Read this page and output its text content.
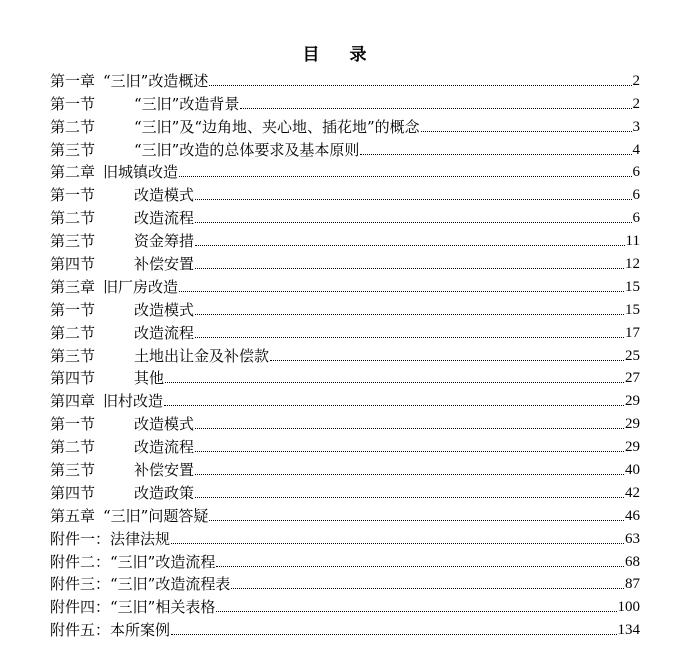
目 录
第一章 “三旧”改造概述	2
第一节	“三旧”改造背景	2
第二节	“三旧”及“边角地、夹心地、插花地”的概念	3
第三节	“三旧”改造的总体要求及基本原则	4
第二章 旧城镇改造	6
第一节	改造模式	6
第二节	改造流程	6
第三节	资金筹措	11
第四节	补偿安置	12
第三章 旧厂房改造	15
第一节	改造模式	15
第二节	改造流程	17
第三节	土地出让金及补偿款	25
第四节	其他	27
第四章 旧村改造	29
第一节	改造模式	29
第二节	改造流程	29
第三节	补偿安置	40
第四节	改造政策	42
第五章 “三旧”问题答疑	46
附件一： 法律法规	63
附件二： “三旧”改造流程	68
附件三： “三旧”改造流程表	87
附件四： “三旧”相关表格	100
附件五： 本所案例	134
